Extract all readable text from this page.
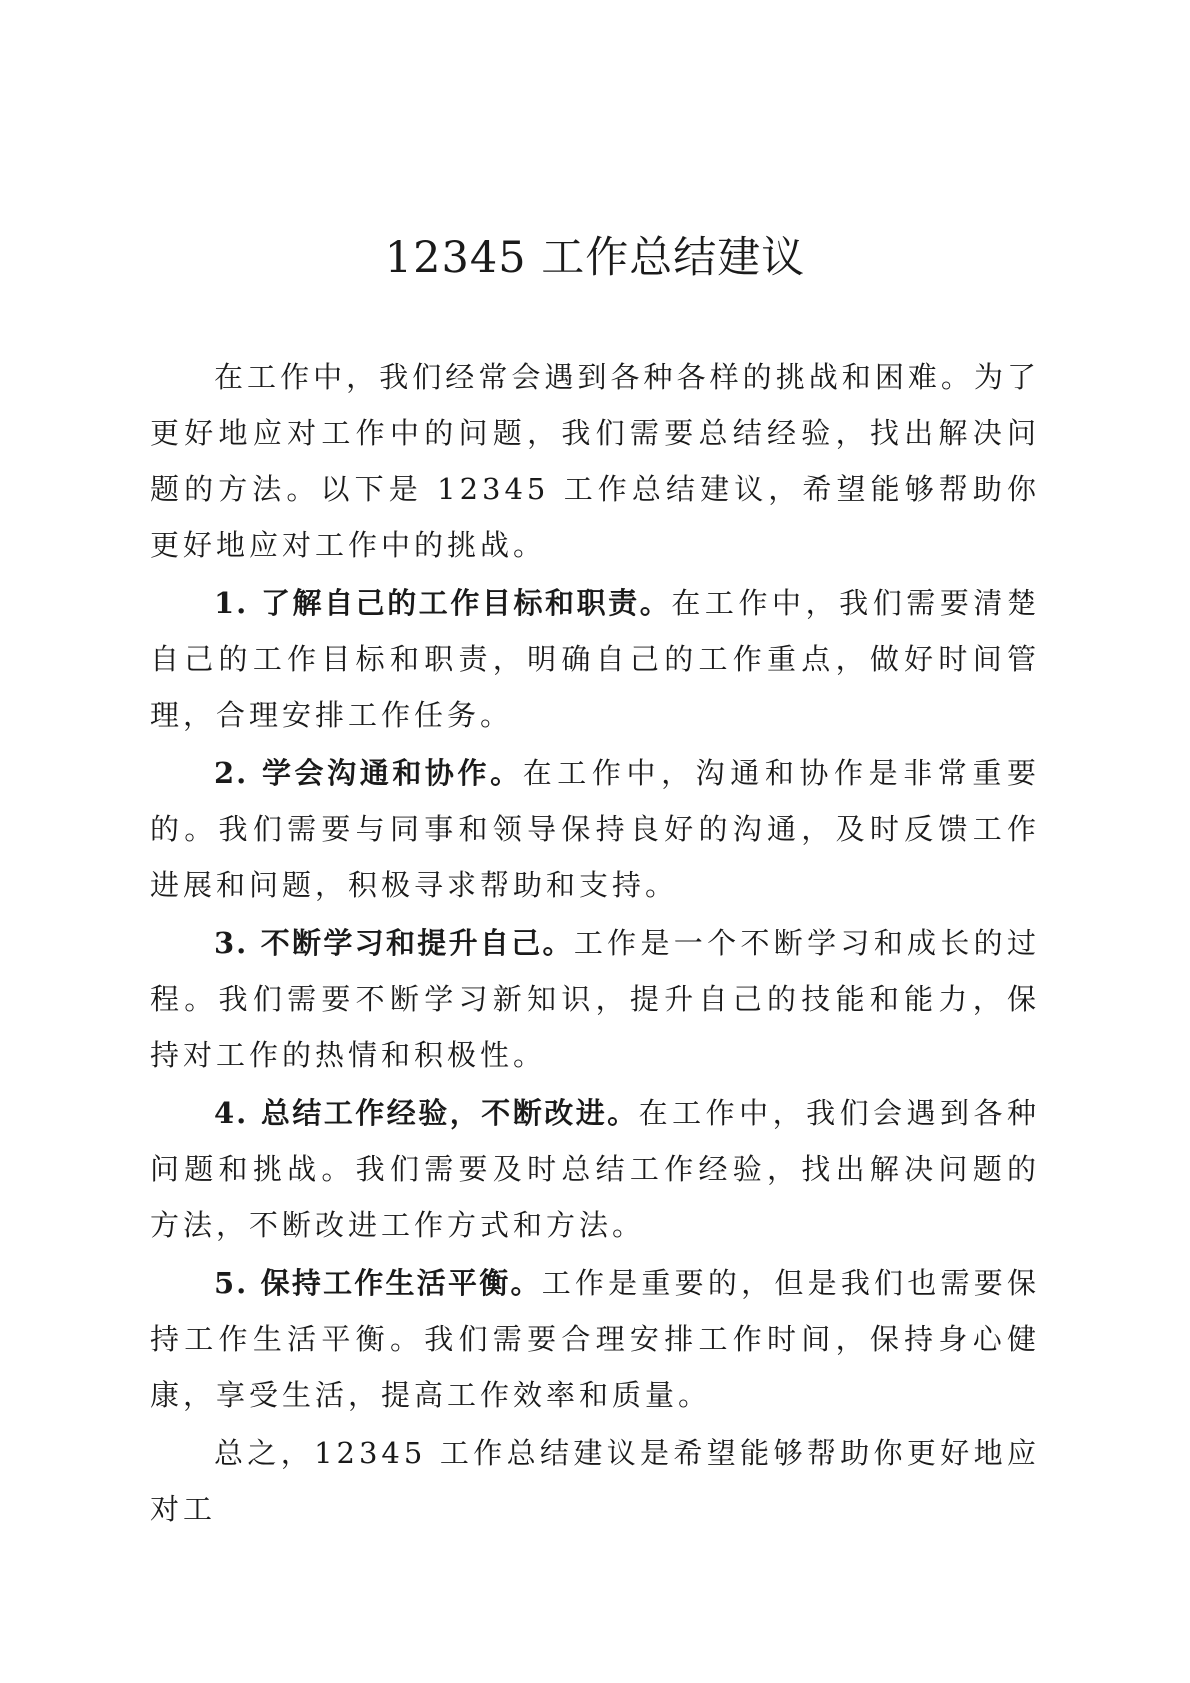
12345 工作总结建议

在工作中，我们经常会遇到各种各样的挑战和困难。为了更好地应对工作中的问题，我们需要总结经验，找出解决问题的方法。以下是 12345 工作总结建议，希望能够帮助你更好地应对工作中的挑战。

1. 了解自己的工作目标和职责。在工作中，我们需要清楚自己的工作目标和职责，明确自己的工作重点，做好时间管理，合理安排工作任务。

2. 学会沟通和协作。在工作中，沟通和协作是非常重要的。我们需要与同事和领导保持良好的沟通，及时反馈工作进展和问题，积极寻求帮助和支持。

3. 不断学习和提升自己。工作是一个不断学习和成长的过程。我们需要不断学习新知识，提升自己的技能和能力，保持对工作的热情和积极性。

4. 总结工作经验，不断改进。在工作中，我们会遇到各种问题和挑战。我们需要及时总结工作经验，找出解决问题的方法，不断改进工作方式和方法。

5. 保持工作生活平衡。工作是重要的，但是我们也需要保持工作生活平衡。我们需要合理安排工作时间，保持身心健康，享受生活，提高工作效率和质量。

总之，12345 工作总结建议是希望能够帮助你更好地应对工
